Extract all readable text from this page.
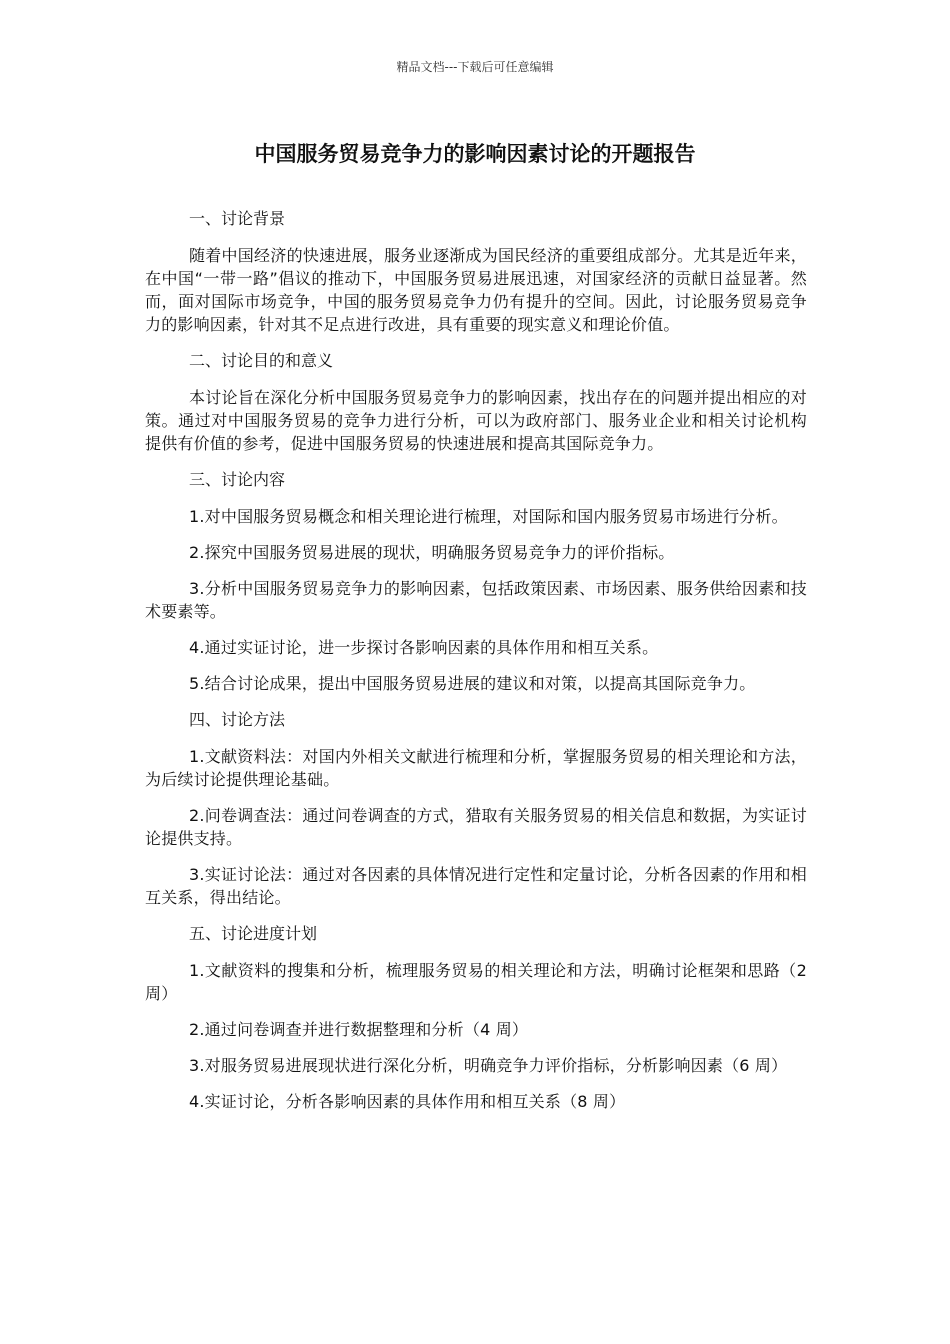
精品文档---下载后可任意编辑
中国服务贸易竞争力的影响因素讨论的开题报告

一、讨论背景

随着中国经济的快速进展，服务业逐渐成为国民经济的重要组成部分。尤其是近年来，在中国“一带一路”倡议的推动下，中国服务贸易进展迅速，对国家经济的贡献日益显著。然而，面对国际市场竞争，中国的服务贸易竞争力仍有提升的空间。因此，讨论服务贸易竞争力的影响因素，针对其不足点进行改进，具有重要的现实意义和理论价值。

二、讨论目的和意义

本讨论旨在深化分析中国服务贸易竞争力的影响因素，找出存在的问题并提出相应的对策。通过对中国服务贸易的竞争力进行分析，可以为政府部门、服务业企业和相关讨论机构提供有价值的参考，促进中国服务贸易的快速进展和提高其国际竞争力。

三、讨论内容

1.对中国服务贸易概念和相关理论进行梳理，对国际和国内服务贸易市场进行分析。

2.探究中国服务贸易进展的现状，明确服务贸易竞争力的评价指标。

3.分析中国服务贸易竞争力的影响因素，包括政策因素、市场因素、服务供给因素和技术要素等。

4.通过实证讨论，进一步探讨各影响因素的具体作用和相互关系。

5.结合讨论成果，提出中国服务贸易进展的建议和对策，以提高其国际竞争力。

四、讨论方法

1.文献资料法：对国内外相关文献进行梳理和分析，掌握服务贸易的相关理论和方法，为后续讨论提供理论基础。

2.问卷调查法：通过问卷调查的方式，猎取有关服务贸易的相关信息和数据，为实证讨论提供支持。

3.实证讨论法：通过对各因素的具体情况进行定性和定量讨论，分析各因素的作用和相互关系，得出结论。

五、讨论进度计划

1.文献资料的搜集和分析，梳理服务贸易的相关理论和方法，明确讨论框架和思路（2 周）

2.通过问卷调查并进行数据整理和分析（4 周）

3.对服务贸易进展现状进行深化分析，明确竞争力评价指标，分析影响因素（6 周）

4.实证讨论，分析各影响因素的具体作用和相互关系（8 周）
